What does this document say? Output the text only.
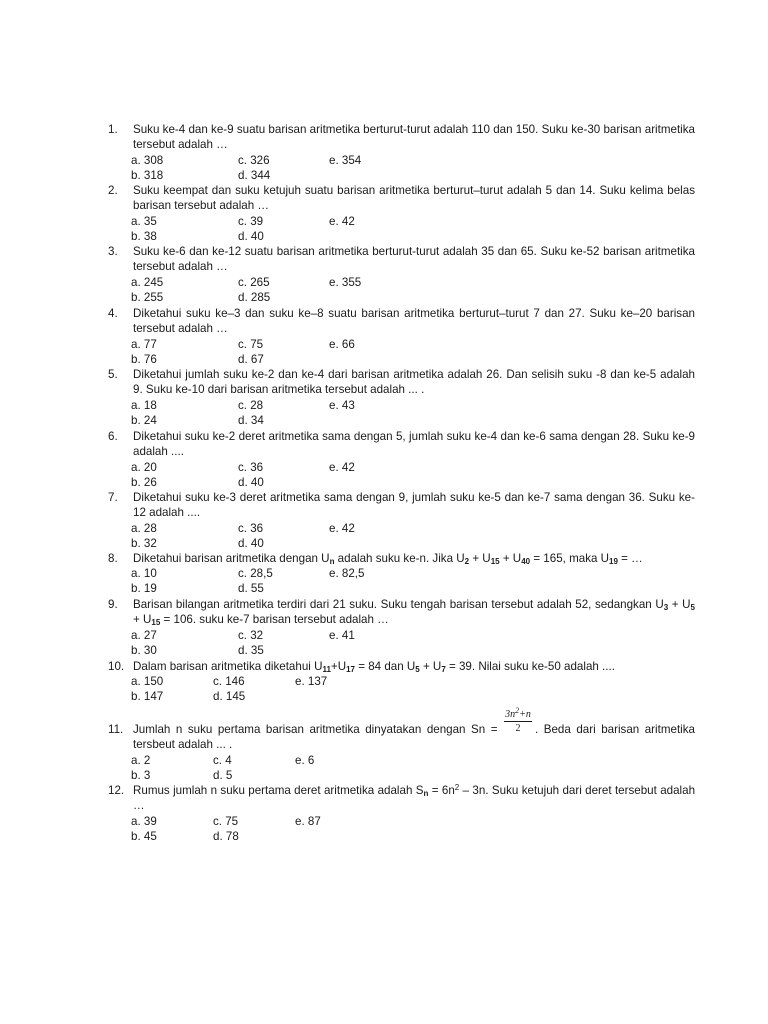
1. Suku ke-4 dan ke-9 suatu barisan aritmetika berturut-turut adalah 110 dan 150. Suku ke-30 barisan aritmetika tersebut adalah …
a. 308	c. 326	e. 354
b. 318	d. 344
2. Suku keempat dan suku ketujuh suatu barisan aritmetika berturut–turut adalah 5 dan 14. Suku kelima belas barisan tersebut adalah …
a. 35	c. 39	e. 42
b. 38	d. 40
3. Suku ke-6 dan ke-12 suatu barisan aritmetika berturut-turut adalah 35 dan 65. Suku ke-52 barisan aritmetika tersebut adalah …
a. 245	c. 265	e. 355
b. 255	d. 285
4. Diketahui suku ke–3 dan suku ke–8 suatu barisan aritmetika berturut–turut 7 dan 27. Suku ke–20 barisan tersebut adalah …
a. 77	c. 75	e. 66
b. 76	d. 67
5. Diketahui jumlah suku ke-2 dan ke-4 dari barisan aritmetika adalah 26. Dan selisih suku -8 dan ke-5 adalah 9. Suku ke-10 dari barisan aritmetika tersebut adalah ... .
a. 18	c. 28	e. 43
b. 24	d. 34
6. Diketahui suku ke-2 deret aritmetika sama dengan 5, jumlah suku ke-4 dan ke-6 sama dengan 28. Suku ke-9 adalah ....
a. 20	c. 36	e. 42
b. 26	d. 40
7. Diketahui suku ke-3 deret aritmetika sama dengan 9, jumlah suku ke-5 dan ke-7 sama dengan 36. Suku ke-12 adalah ....
a. 28	c. 36	e. 42
b. 32	d. 40
8. Diketahui barisan aritmetika dengan $U_n$ adalah suku ke-n. Jika $U_2 + U_{15} + U_{40} = 165$, maka $U_{19}$ = …
a. 10	c. 28,5	e. 82,5
b. 19	d. 55
9. Barisan bilangan aritmetika terdiri dari 21 suku. Suku tengah barisan tersebut adalah 52, sedangkan $U_3 + U_5 + U_{15} = 106$. suku ke-7 barisan tersebut adalah …
a. 27	c. 32	e. 41
b. 30	d. 35
10. Dalam barisan aritmetika diketahui $U_{11}+U_{17} = 84$ dan $U_5 + U_7 = 39$. Nilai suku ke-50 adalah ....
a. 150	c. 146	e. 137
b. 147	d. 145
11.
$3n^2+n$
2
Jumlah n suku pertama barisan aritmetika dinyatakan dengan Sn =	. Beda dari barisan aritmetika tersbeut adalah ... .
a. 2	c. 4	e. 6
b. 3	d. 5
12. Rumus jumlah n suku pertama deret aritmetika adalah $S_n = 6n^2 - 3n$. Suku ketujuh dari deret tersebut adalah …
a. 39	c. 75	e. 87
b. 45	d. 78
